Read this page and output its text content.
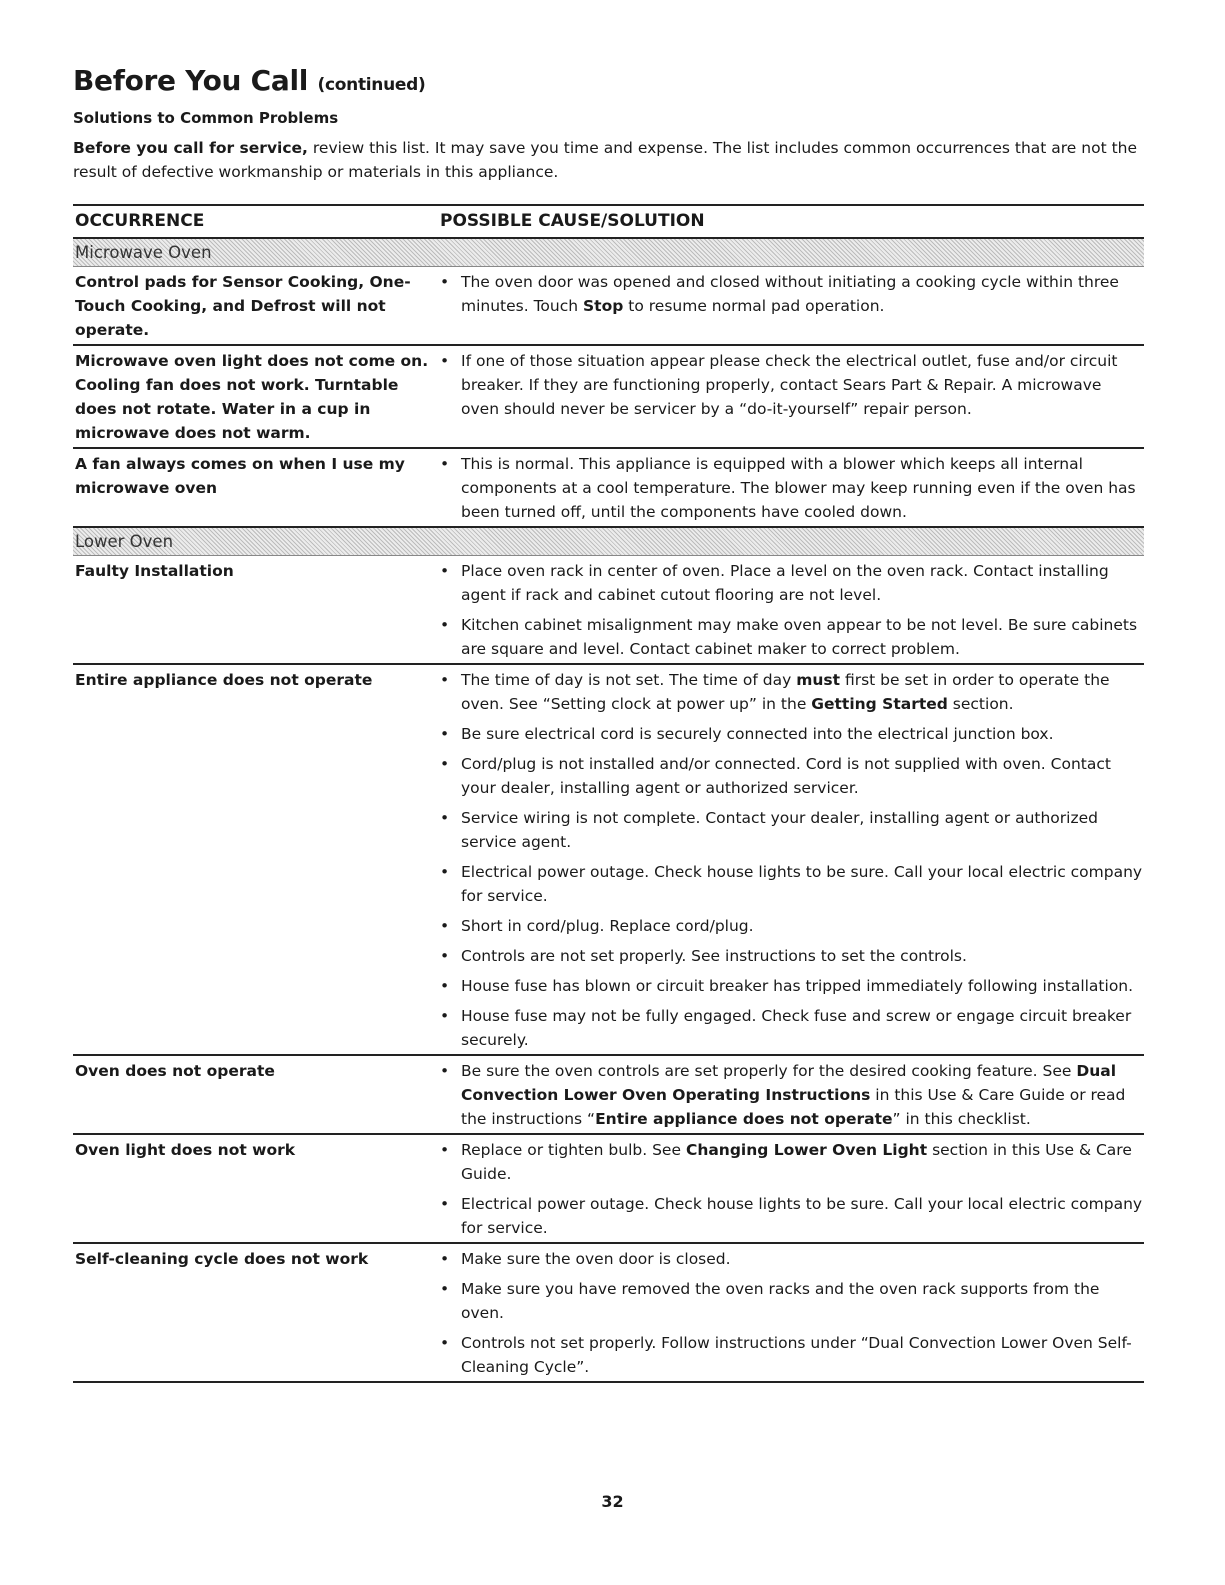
Before You Call (continued)
Solutions to Common Problems
Before you call for service, review this list. It may save you time and expense. The list includes common occurrences that are not the result of defective workmanship or materials in this appliance.
OCCURRENCE	POSSIBLE CAUSE/SOLUTION
Microwave Oven
Control pads for Sensor Cooking, One-Touch Cooking, and Defrost will not operate.
• The oven door was opened and closed without initiating a cooking cycle within three minutes. Touch Stop to resume normal pad operation.
Microwave oven light does not come on. Cooling fan does not work. Turntable does not rotate. Water in a cup in microwave does not warm.
• If one of those situation appear please check the electrical outlet, fuse and/or circuit breaker. If they are functioning properly, contact Sears Part & Repair. A microwave oven should never be servicer by a “do-it-yourself” repair person.
A fan always comes on when I use my microwave oven
• This is normal. This appliance is equipped with a blower which keeps all internal components at a cool temperature. The blower may keep running even if the oven has been turned off, until the components have cooled down.
Lower Oven
Faulty Installation	• Place oven rack in center of oven. Place a level on the oven rack. Contact installing agent if rack and cabinet cutout flooring are not level.
• Kitchen cabinet misalignment may make oven appear to be not level. Be sure cabinets are square and level. Contact cabinet maker to correct problem.
Entire appliance does not operate	• The time of day is not set. The time of day must first be set in order to operate the oven. See “Setting clock at power up” in the Getting Started section.
• Be sure electrical cord is securely connected into the electrical junction box.
• Cord/plug is not installed and/or connected. Cord is not supplied with oven. Contact your dealer, installing agent or authorized servicer.
• Service wiring is not complete. Contact your dealer, installing agent or authorized service agent.
• Electrical power outage. Check house lights to be sure. Call your local electric company for service.
• Short in cord/plug. Replace cord/plug.
• Controls are not set properly. See instructions to set the controls.
• House fuse has blown or circuit breaker has tripped immediately following installation.
• House fuse may not be fully engaged. Check fuse and screw or engage circuit breaker securely.
Oven does not operate	• Be sure the oven controls are set properly for the desired cooking feature. See Dual Convection Lower Oven Operating Instructions in this Use & Care Guide or read the instructions “Entire appliance does not operate” in this checklist.
Oven light does not work	• Replace or tighten bulb. See Changing Lower Oven Light section in this Use & Care Guide.
• Electrical power outage. Check house lights to be sure. Call your local electric company for service.
Self-cleaning cycle does not work	• Make sure the oven door is closed.
• Make sure you have removed the oven racks and the oven rack supports from the oven.
• Controls not set properly. Follow instructions under “Dual Convection Lower Oven Self-Cleaning Cycle”.
32
